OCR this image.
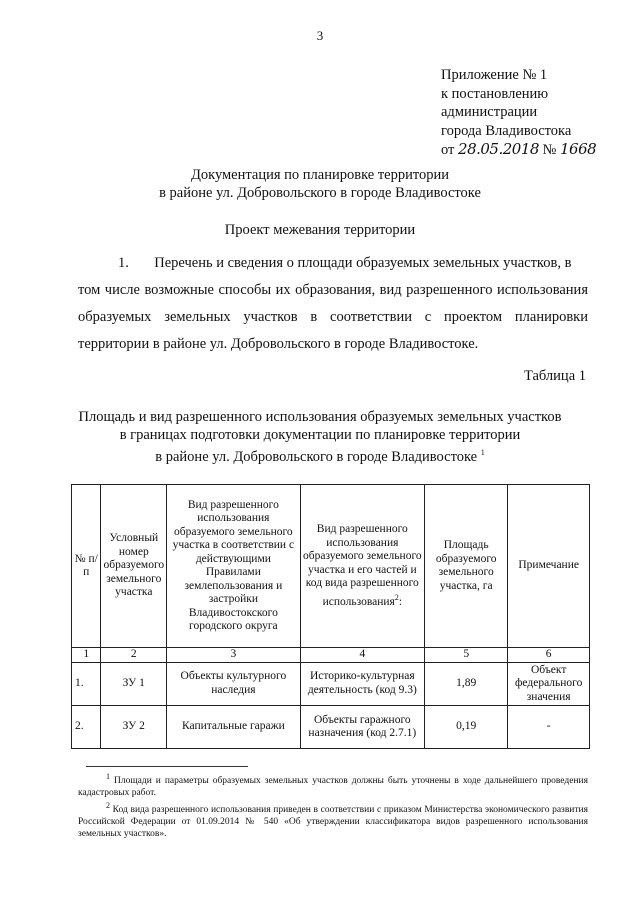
3
Приложение № 1
к постановлению
администрации
города Владивостока
от 28.05.2018 № 1668
Документация по планировке территории
в районе ул. Добровольского в городе Владивостоке
Проект межевания территории
1. Перечень и сведения о площади образуемых земельных участков, в
том числе возможные способы их образования, вид разрешенного использования образуемых земельных участков в соответствии с проектом планировки территории в районе ул. Добровольского в городе Владивостоке.
Таблица 1
Площадь и вид разрешенного использования образуемых земельных участков
в границах подготовки документации по планировке территории
в районе ул. Добровольского в городе Владивостоке $^1$
№ п/п	Условный номер образуемого земельного участка	Вид разрешенного использования образуемого земельного участка в соответствии с действующими Правилами землепользования и застройки Владивостокского городского округа	Вид разрешенного использования образуемого земельного участка и его частей и код вида разрешенного использования$^2$:	Площадь образуемого земельного участка, га	Примечание
1	2	3	4	5	6
1.	ЗУ 1	Объекты культурного наследия	Историко-культурная деятельность (код 9.3)	1,89	Объект федерального значения
2.	ЗУ 2	Капитальные гаражи	Объекты гаражного назначения (код 2.7.1)	0,19	-

$^1$ Площади и параметры образуемых земельных участков должны быть уточнены в ходе дальнейшего проведения кадастровых работ.

$^2$ Код вида разрешенного использования приведен в соответствии с приказом Министерства экономического развития Российской Федерации от 01.09.2014 № 540 «Об утверждении классификатора видов разрешенного использования земельных участков».
